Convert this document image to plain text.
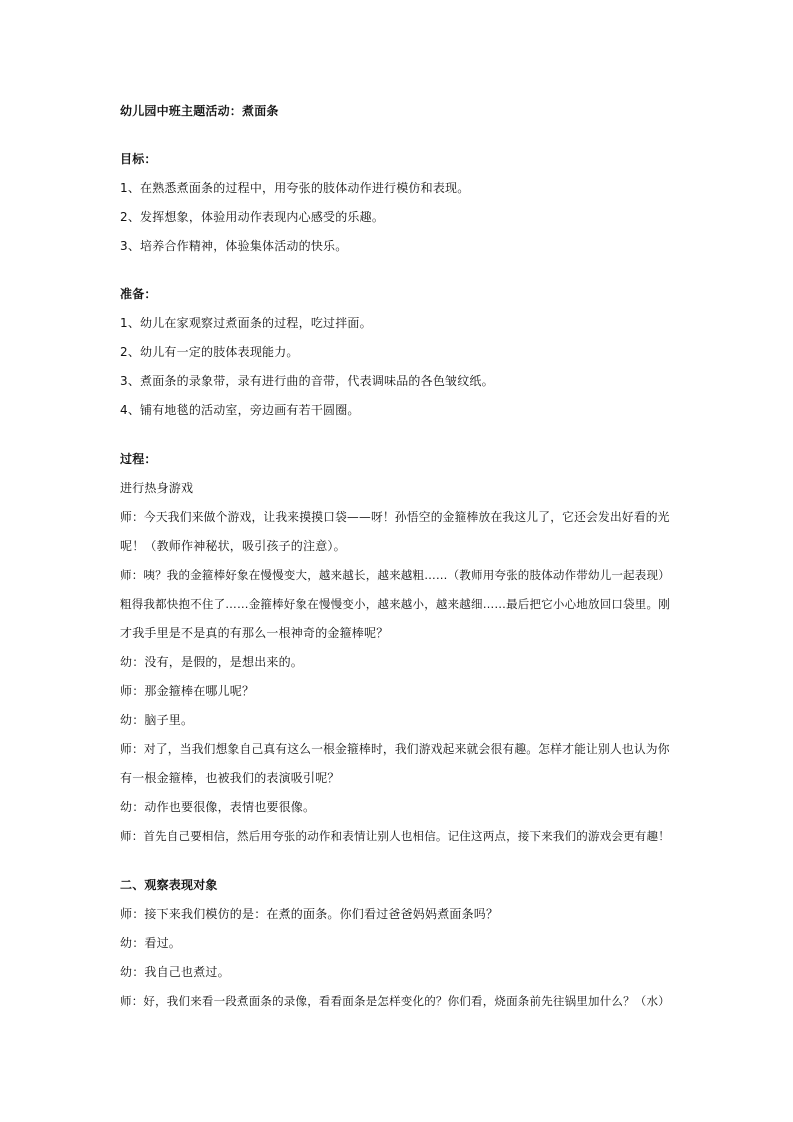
幼儿园中班主题活动：煮面条
目标：
1、在熟悉煮面条的过程中，用夸张的肢体动作进行模仿和表现。
2、发挥想象，体验用动作表现内心感受的乐趣。
3、培养合作精神，体验集体活动的快乐。
准备：
1、幼儿在家观察过煮面条的过程，吃过拌面。
2、幼儿有一定的肢体表现能力。
3、煮面条的录象带，录有进行曲的音带，代表调味品的各色皱纹纸。
4、铺有地毯的活动室，旁边画有若干圆圈。
过程：
进行热身游戏
师：今天我们来做个游戏，让我来摸摸口袋——呀！孙悟空的金箍棒放在我这儿了，它还会发出好看的光
呢！（教师作神秘状，吸引孩子的注意）。
师：咦？我的金箍棒好象在慢慢变大，越来越长，越来越粗……（教师用夸张的肢体动作带幼儿一起表现）
粗得我都快抱不住了……金箍棒好象在慢慢变小，越来越小，越来越细……最后把它小心地放回口袋里。刚
才我手里是不是真的有那么一根神奇的金箍棒呢？
幼：没有，是假的，是想出来的。
师：那金箍棒在哪儿呢？
幼：脑子里。
师：对了，当我们想象自己真有这么一根金箍棒时，我们游戏起来就会很有趣。怎样才能让别人也认为你
有一根金箍棒，也被我们的表演吸引呢？
幼：动作也要很像，表情也要很像。
师：首先自己要相信，然后用夸张的动作和表情让别人也相信。记住这两点，接下来我们的游戏会更有趣！
二、观察表现对象
师：接下来我们模仿的是：在煮的面条。你们看过爸爸妈妈煮面条吗？
幼：看过。
幼：我自己也煮过。
师：好，我们来看一段煮面条的录像，看看面条是怎样变化的？你们看，烧面条前先往锅里加什么？（水）
